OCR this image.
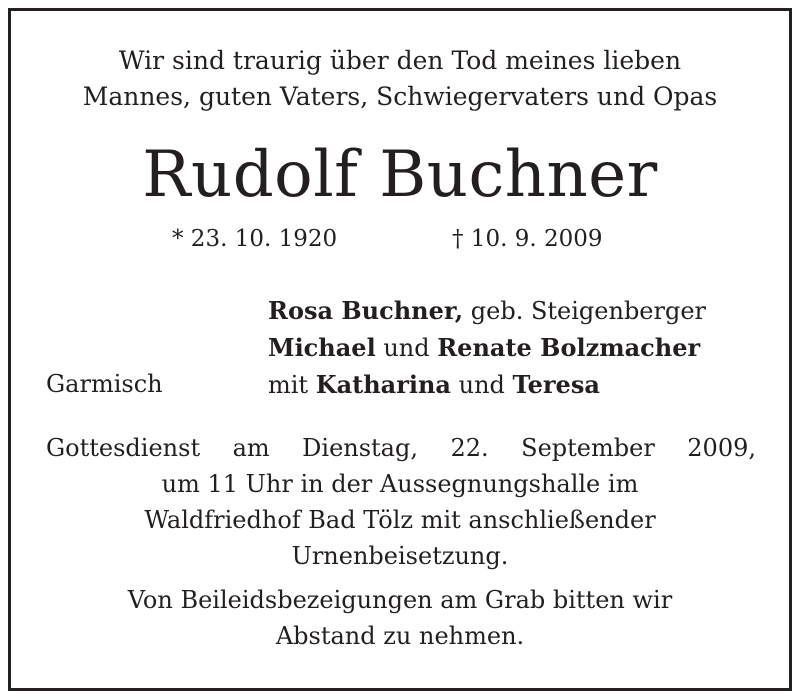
Wir sind traurig über den Tod meines lieben
Mannes, guten Vaters, Schwiegervaters und Opas
Rudolf Buchner
* 23. 10. 1920	† 10. 9. 2009
Rosa Buchner, geb. Steigenberger
Michael und Renate Bolzmacher
mit Katharina und Teresa
Garmisch
Gottesdienst am Dienstag, 22. September 2009,
um 11 Uhr in der Aussegnungshalle im
Waldfriedhof Bad Tölz mit anschließender
Urnenbeisetzung.
Von Beileidsbezeigungen am Grab bitten wir
Abstand zu nehmen.
